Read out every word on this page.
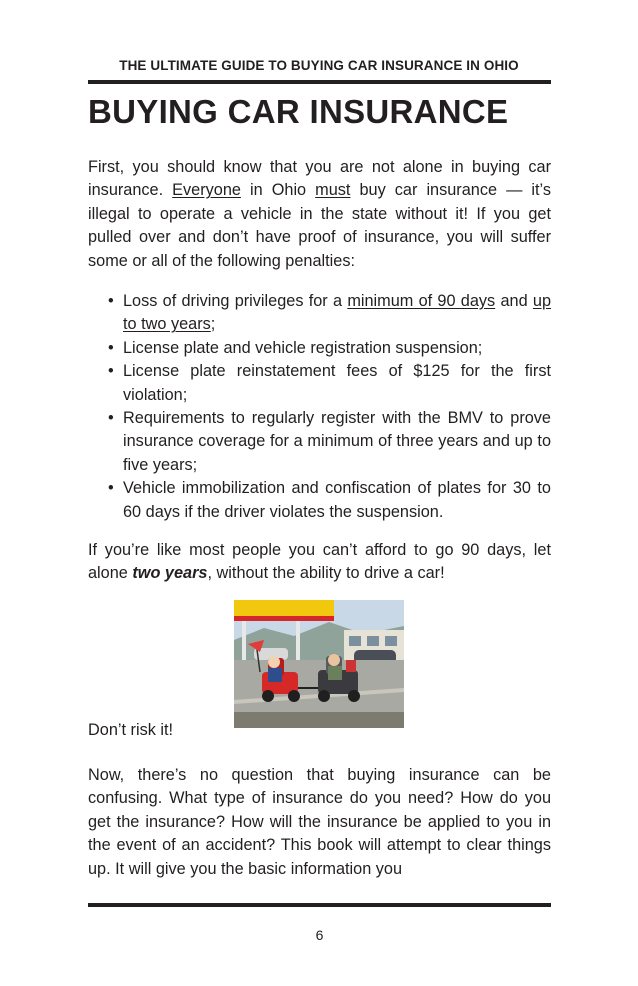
THE ULTIMATE GUIDE TO BUYING CAR INSURANCE IN OHIO
BUYING CAR INSURANCE

First, you should know that you are not alone in buying car insurance. Everyone in Ohio must buy car insurance — it’s illegal to operate a vehicle in the state without it! If you get pulled over and don’t have proof of insurance, you will suffer some or all of the following penalties:

• Loss of driving privileges for a minimum of 90 days and up to two years;
• License plate and vehicle registration suspension;
• License plate reinstatement fees of $125 for the first violation;
• Requirements to regularly register with the BMV to prove insurance coverage for a minimum of three years and up to five years;
• Vehicle immobilization and confiscation of plates for 30 to 60 days if the driver violates the suspension.

If you’re like most people you can’t afford to go 90 days, let alone two years, without the ability to drive a car!

Don’t risk it!

Now, there’s no question that buying insurance can be confusing. What type of insurance do you need? How do you get the insurance? How will the insurance be applied to you in the event of an accident? This book will attempt to clear things up. It will give you the basic information you

6
